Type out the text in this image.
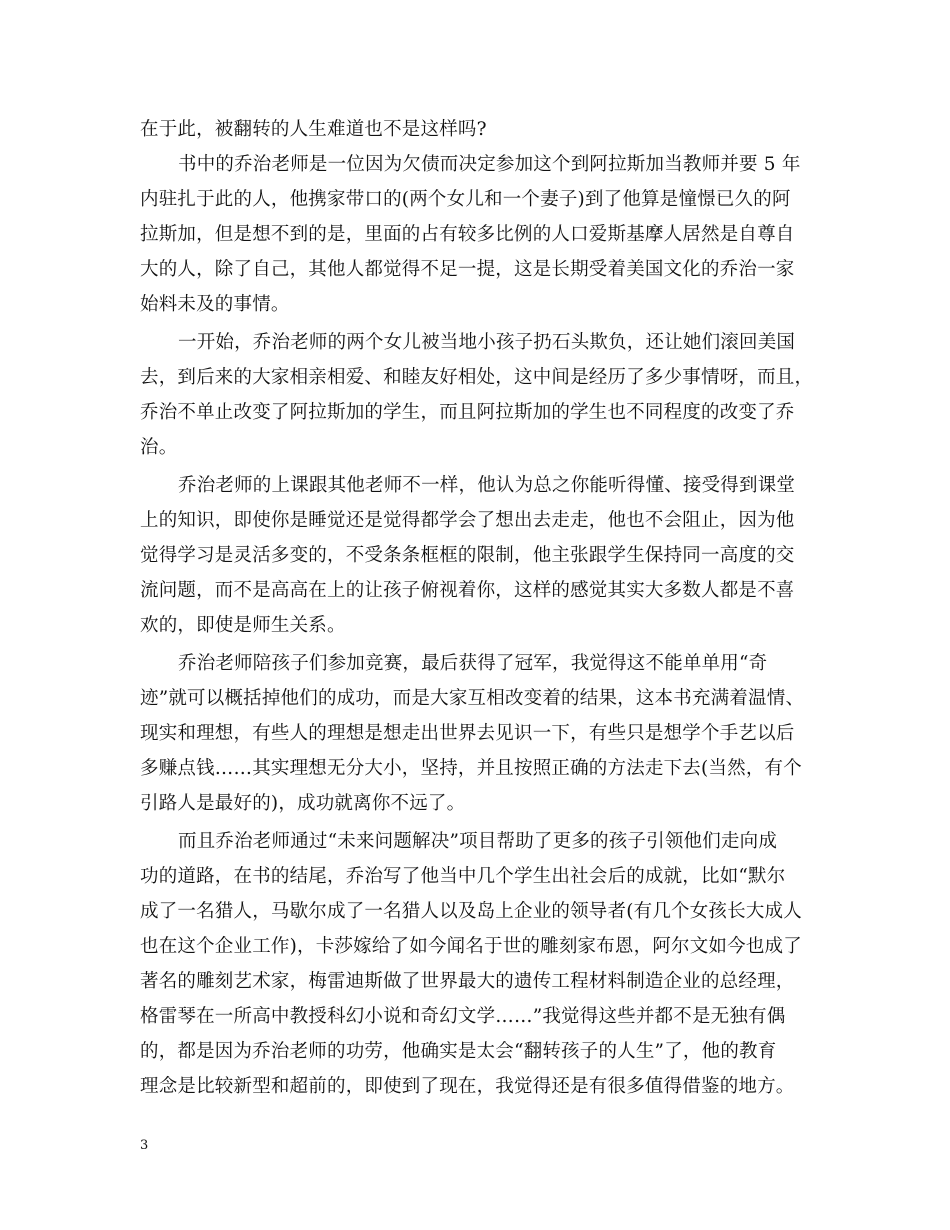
在于此，被翻转的人生难道也不是这样吗?
书中的乔治老师是一位因为欠债而决定参加这个到阿拉斯加当教师并要 5 年
内驻扎于此的人，他携家带口的(两个女儿和一个妻子)到了他算是憧憬已久的阿
拉斯加，但是想不到的是，里面的占有较多比例的人口爱斯基摩人居然是自尊自
大的人，除了自己，其他人都觉得不足一提，这是长期受着美国文化的乔治一家
始料未及的事情。
一开始，乔治老师的两个女儿被当地小孩子扔石头欺负，还让她们滚回美国
去，到后来的大家相亲相爱、和睦友好相处，这中间是经历了多少事情呀，而且，
乔治不单止改变了阿拉斯加的学生，而且阿拉斯加的学生也不同程度的改变了乔
治。
乔治老师的上课跟其他老师不一样，他认为总之你能听得懂、接受得到课堂
上的知识，即使你是睡觉还是觉得都学会了想出去走走，他也不会阻止，因为他
觉得学习是灵活多变的，不受条条框框的限制，他主张跟学生保持同一高度的交
流问题，而不是高高在上的让孩子俯视着你，这样的感觉其实大多数人都是不喜
欢的，即使是师生关系。
乔治老师陪孩子们参加竞赛，最后获得了冠军，我觉得这不能单单用“奇
迹”就可以概括掉他们的成功，而是大家互相改变着的结果，这本书充满着温情、
现实和理想，有些人的理想是想走出世界去见识一下，有些只是想学个手艺以后
多赚点钱……其实理想无分大小，坚持，并且按照正确的方法走下去(当然，有个
引路人是最好的)，成功就离你不远了。
而且乔治老师通过“未来问题解决”项目帮助了更多的孩子引领他们走向成
功的道路，在书的结尾，乔治写了他当中几个学生出社会后的成就，比如“默尔
成了一名猎人，马歇尔成了一名猎人以及岛上企业的领导者(有几个女孩长大成人
也在这个企业工作)，卡莎嫁给了如今闻名于世的雕刻家布恩，阿尔文如今也成了
著名的雕刻艺术家，梅雷迪斯做了世界最大的遗传工程材料制造企业的总经理，
格雷琴在一所高中教授科幻小说和奇幻文学……”我觉得这些并都不是无独有偶
的，都是因为乔治老师的功劳，他确实是太会“翻转孩子的人生”了，他的教育
理念是比较新型和超前的，即使到了现在，我觉得还是有很多值得借鉴的地方。
3
